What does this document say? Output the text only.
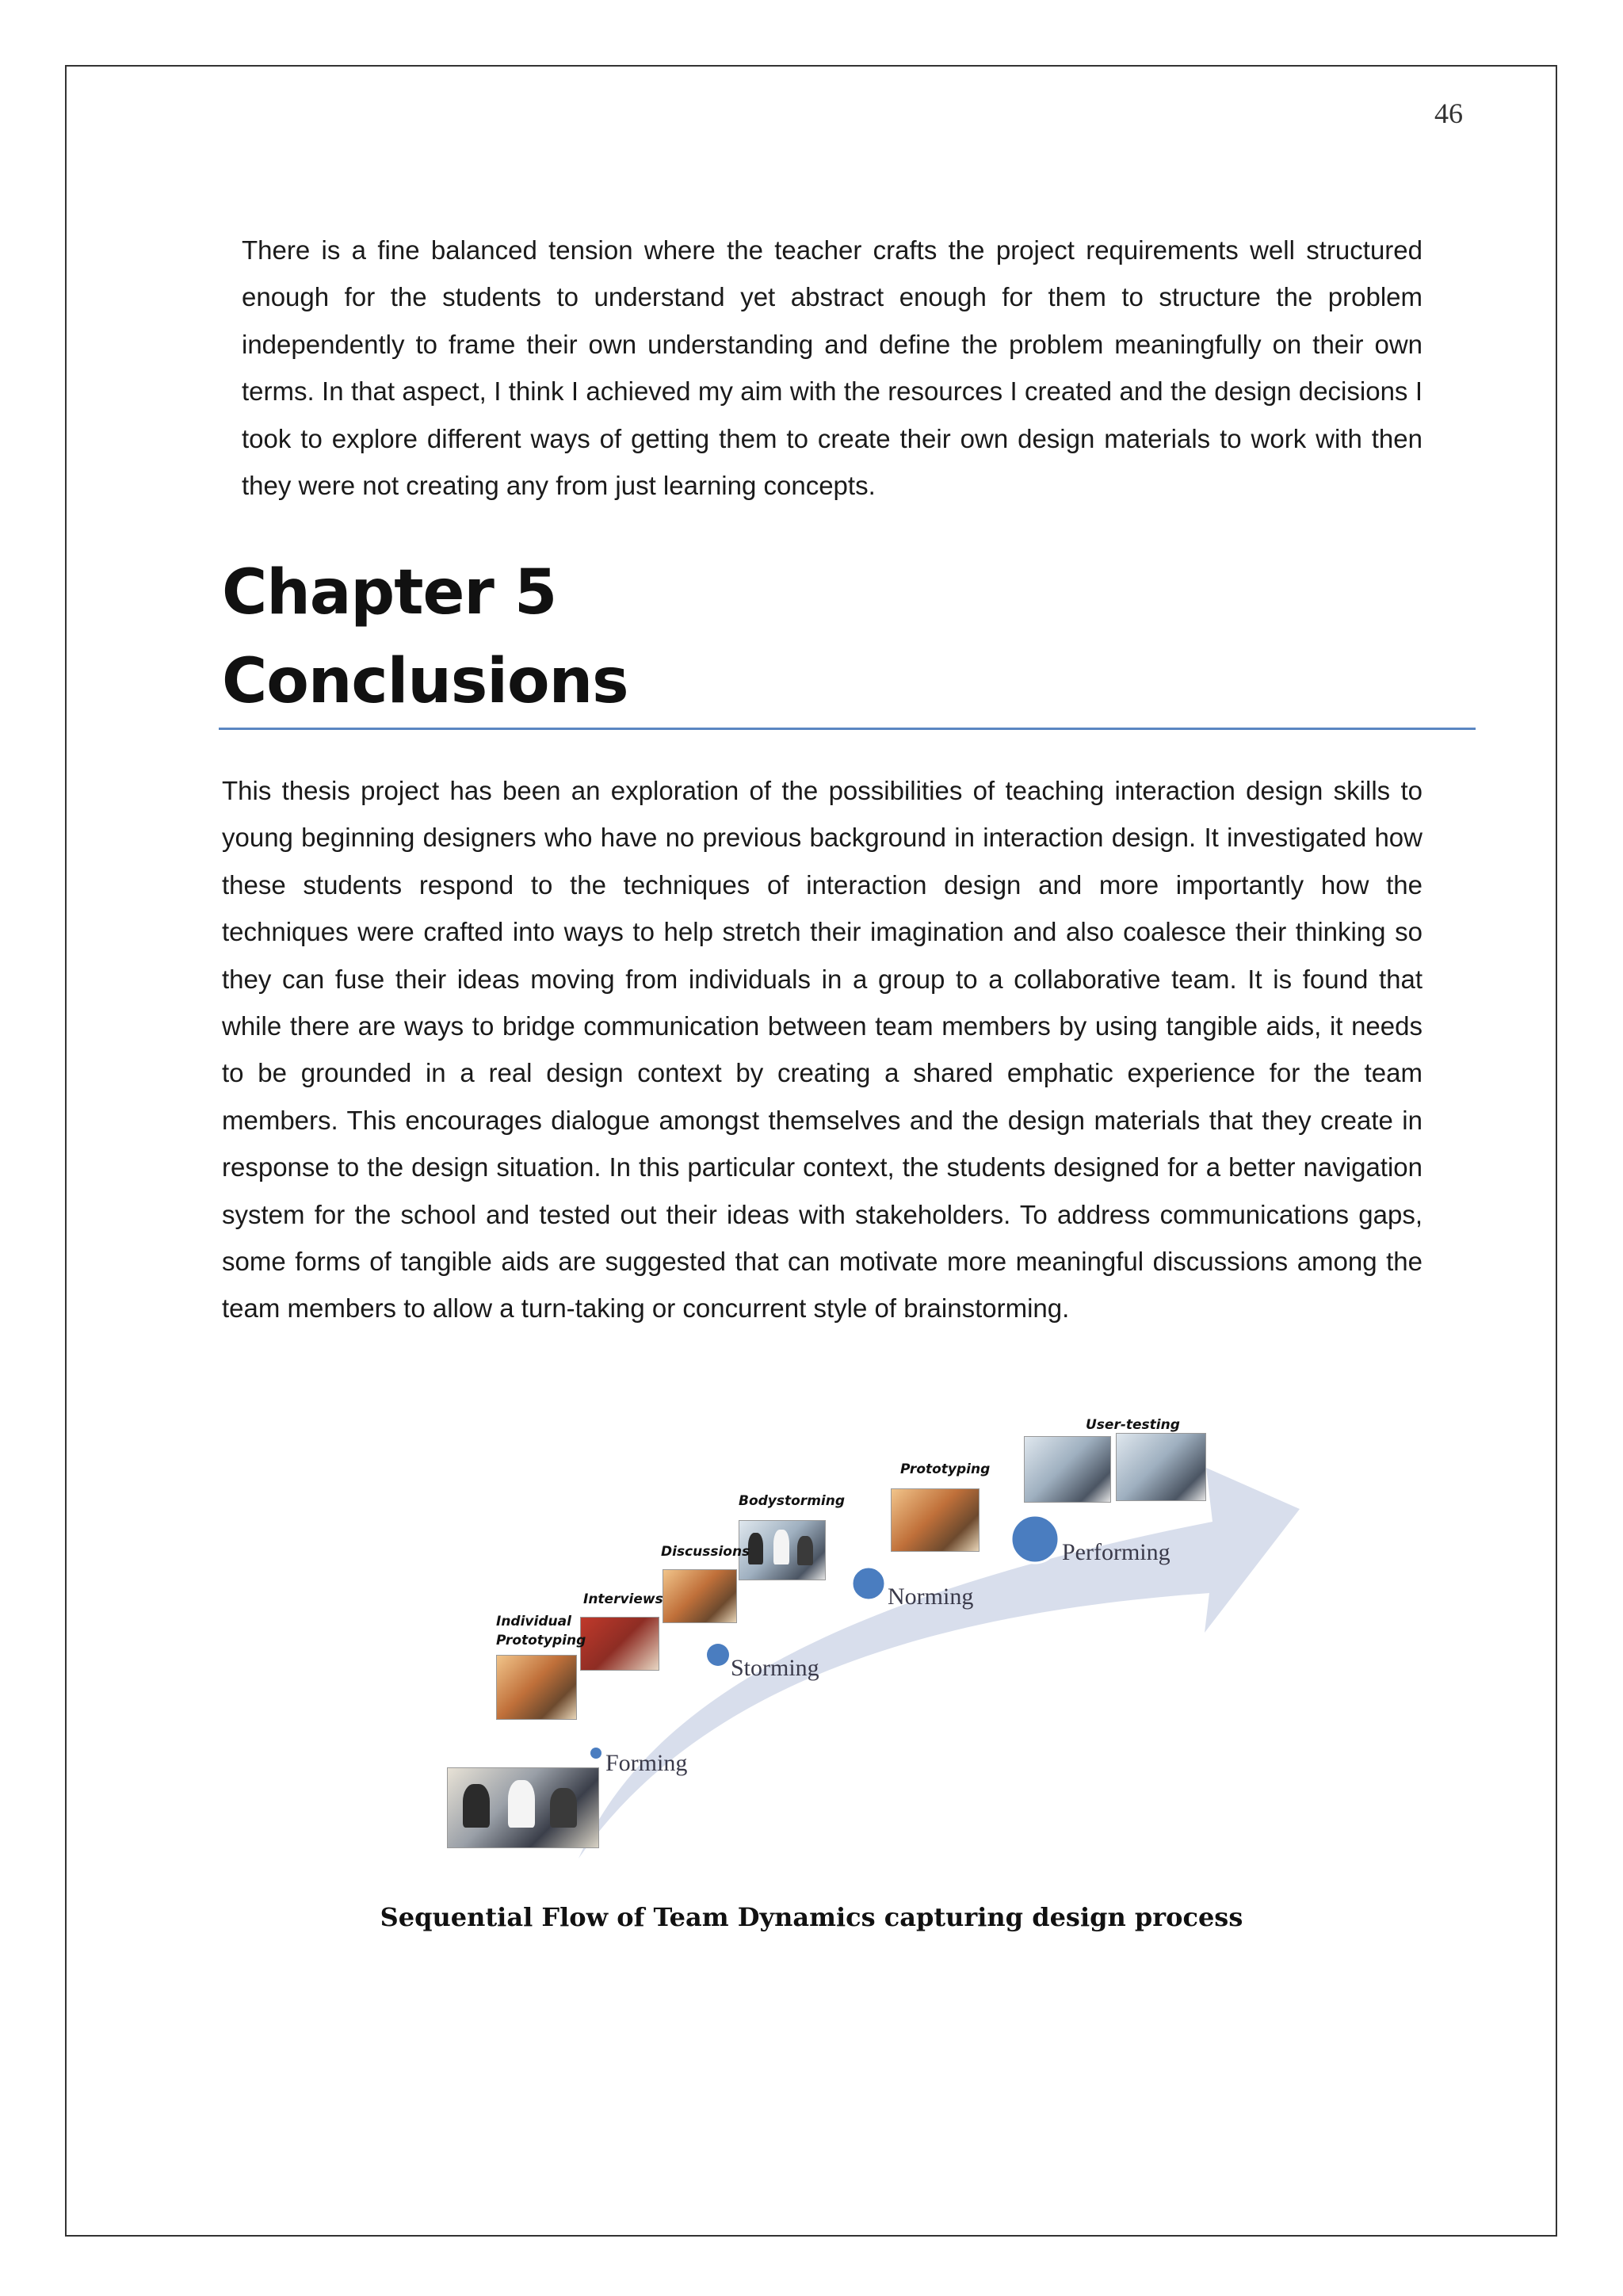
46

There is a fine balanced tension where the teacher crafts the project requirements well structured enough for the students to understand yet abstract enough for them to structure the problem independently to frame their own understanding and define the problem meaningfully on their own terms. In that aspect, I think I achieved my aim with the resources I created and the design decisions I took to explore different ways of getting them to create their own design materials to work with then they were not creating any from just learning concepts.

Chapter 5
Conclusions

This thesis project has been an exploration of the possibilities of teaching interaction design skills to young beginning designers who have no previous background in interaction design. It investigated how these students respond to the techniques of interaction design and more importantly how the techniques were crafted into ways to help stretch their imagination and also coalesce their thinking so they can fuse their ideas moving from individuals in a group to a collaborative team. It is found that while there are ways to bridge communication between team members by using tangible aids, it needs to be grounded in a real design context by creating a shared emphatic experience for the team members. This encourages dialogue amongst themselves and the design materials that they create in response to the design situation. In this particular context, the students designed for a better navigation system for the school and tested out their ideas with stakeholders. To address communications gaps, some forms of tangible aids are suggested that can motivate more meaningful discussions among the team members to allow a turn-taking or concurrent style of brainstorming.

Individual
Prototyping
Interviews
Discussions
Bodystorming
Prototyping
User-testing
Forming
Storming
Norming
Performing

Sequential Flow of Team Dynamics capturing design process
